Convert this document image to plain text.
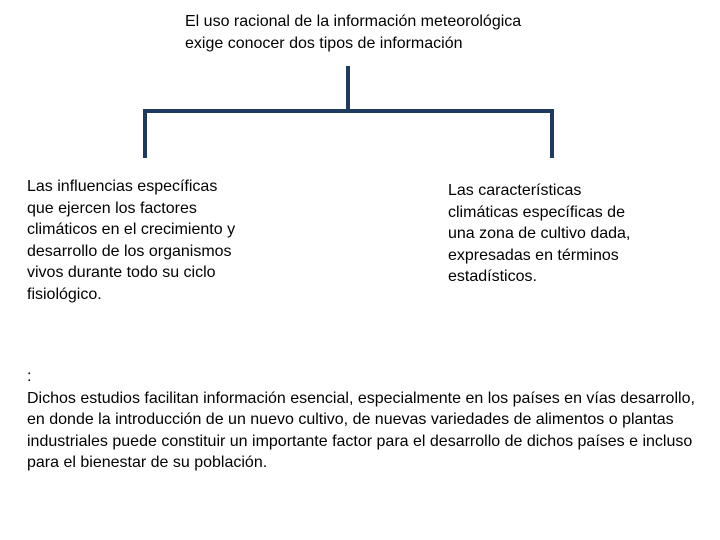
El uso racional de la información meteorológica exige conocer dos tipos de información

Las influencias específicas que ejercen los factores climáticos en el crecimiento y desarrollo de los organismos vivos durante todo su ciclo fisiológico.

Las características climáticas específicas de una zona de cultivo dada, expresadas en términos estadísticos.

:
Dichos estudios facilitan información esencial, especialmente en los países en vías desarrollo, en donde la introducción de un nuevo cultivo, de nuevas variedades de alimentos o plantas industriales puede constituir un importante factor para el desarrollo de dichos países e incluso para el bienestar de su población.
